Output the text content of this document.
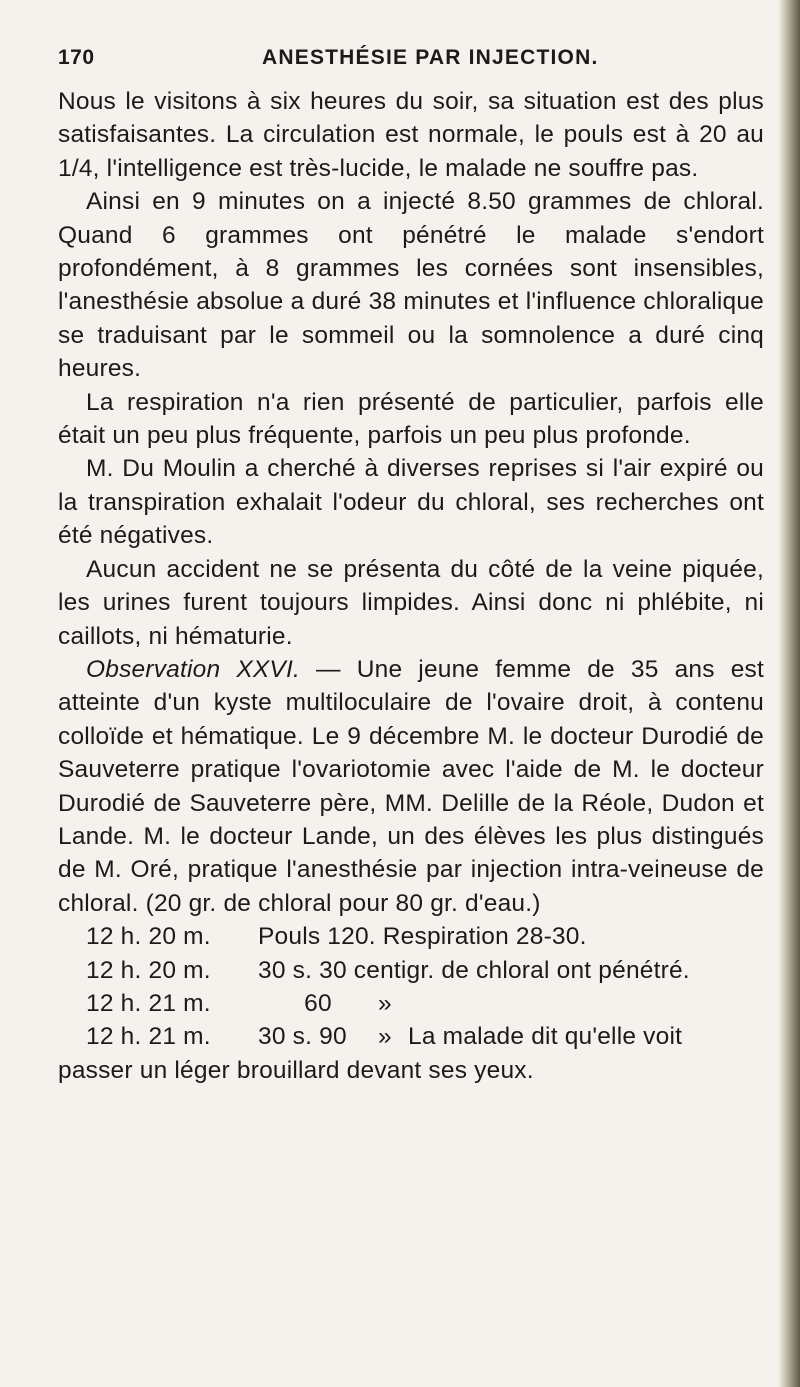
170	ANESTHÉSIE PAR INJECTION.

Nous le visitons à six heures du soir, sa situation est des plus satisfaisantes. La circulation est normale, le pouls est à 20 au 1/4, l'intelligence est très-lucide, le malade ne souffre pas.

Ainsi en 9 minutes on a injecté 8.50 grammes de chloral. Quand 6 grammes ont pénétré le malade s'endort profondément, à 8 grammes les cornées sont insensibles, l'anesthésie absolue a duré 38 minutes et l'influence chloralique se traduisant par le sommeil ou la somnolence a duré cinq heures.

La respiration n'a rien présenté de particulier, parfois elle était un peu plus fréquente, parfois un peu plus profonde.

M. Du Moulin a cherché à diverses reprises si l'air expiré ou la transpiration exhalait l'odeur du chloral, ses recherches ont été négatives.

Aucun accident ne se présenta du côté de la veine piquée, les urines furent toujours limpides. Ainsi donc ni phlébite, ni caillots, ni hématurie.

Observation XXVI. — Une jeune femme de 35 ans est atteinte d'un kyste multiloculaire de l'ovaire droit, à contenu colloïde et hématique. Le 9 décembre M. le docteur Durodié de Sauveterre pratique l'ovariotomie avec l'aide de M. le docteur Durodié de Sauveterre père, MM. Delille de la Réole, Dudon et Lande. M. le docteur Lande, un des élèves les plus distingués de M. Oré, pratique l'anesthésie par injection intra-veineuse de chloral. (20 gr. de chloral pour 80 gr. d'eau.)

12 h. 20 m.	Pouls 120. Respiration 28-30.
12 h. 20 m.	30 s. 30 centigr. de chloral ont pénétré.
12 h. 21 m.	60	»
12 h. 21 m.	30 s. 90	» La malade dit qu'elle voit

passer un léger brouillard devant ses yeux.
